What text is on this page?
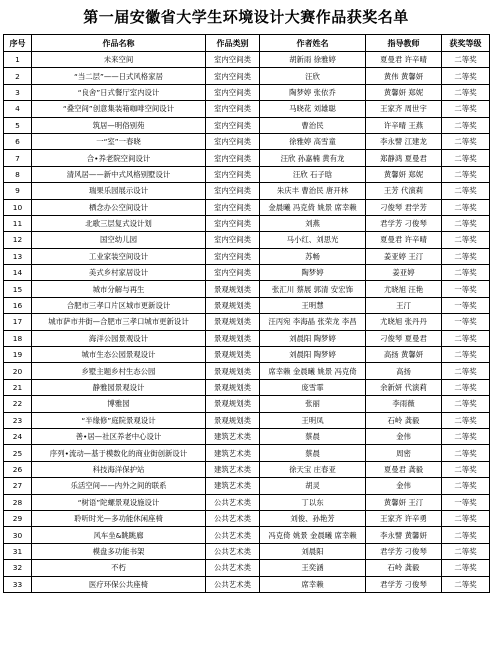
第一届安徽省大学生环境设计大赛作品获奖名单
序号	作品名称	作品类别	作者姓名	指导教师	获奖等级
1	未来空间	室内空间类	胡新雨 徐雅婷	夏曼君 许辛晴	二等奖
2	“当二层”——日式风格家居	室内空间类	汪欣	黄伟 黄馨妍	二等奖
3	“良舍”日式餐厅室内设计	室内空间类	陶梦婷 张依乔	黄馨妍 郑妮	二等奖
4	“叠空间”创意集装箱咖啡空间设计	室内空间类	马晓花 刘雄聪	王家齐 周世宇	二等奖
5	筑居—明俗别苑	室内空间类	曹治民	许辛晴 王燕	二等奖
6	一“室”一春晓	室内空间类	徐雅婷 高雪童	李永譬 江建龙	二等奖
7	合•养老院空间设计	室内空间类	汪欣 孙嘉楠 黄有龙	郑静鸿 夏曼君	二等奖
8	清风居——新中式风格别墅设计	室内空间类	汪欣 石子晗	黄馨妍 郑妮	二等奖
9	瑞果乐园展示设计	室内空间类	朱庆丰 曹治民 唐开林	王芳 代演莉	二等奖
10	栖念办公空间设计	室内空间类	金晨曦 冯克倚 姚景 席幸赖	刁俊琴 君学芳	二等奖
11	北歌三层复式设计划	室内空间类	刘燕	君学芳 刁俊琴	二等奖
12	国空幼儿园	室内空间类	马小红、刘思光	夏曼君 许辛晴	二等奖
13	工业家装空间设计	室内空间类	苏畅	姜亚婷 王汀	二等奖
14	美式乡村家居设计	室内空间类	陶梦婷	姜亚婷	二等奖
15	城市分解与再生	景观规划类	张汇川 蔡展 郭清 安宏饰	尤晓旭 汪艳	一等奖
16	合肥市三孝口片区城市更新设计	景观规划类	王明慧	王汀	一等奖
17	城市萨市井街—合肥市三孝口城市更新设计	景观规划类	汪丙宛 李海晶 张荣龙 李昌	尤晓旭 张丹丹	一等奖
18	海洋公园景观设计	景观规划类	刘晨阳 陶梦婷	刁俊琴 夏曼君	二等奖
19	城市生态公园景观设计	景观规划类	刘晨阳 陶梦婷	高扬 黄馨妍	二等奖
20	乡墅主题乡村生态公园	景观规划类	席幸赖 金晨曦 姚景 冯克倚	高扬	二等奖
21	静雅园景观设计	景观规划类	庞雪霏	余新妍 代演莉	二等奖
22	博雅园	景观规划类	张丽	李雨薇	二等奖
23	“半缘修”庭院景观设计	景观规划类	王明凤	石岭 龚毅	二等奖
24	善•居—社区养老中心设计	建筑艺术类	蔡晨	金伟	二等奖
25	序列•流动—基于模数化的商业街创新设计	建筑艺术类	蔡晨	周密	二等奖
26	科技海洋保护站	建筑艺术类	徐天宝 庄春亚	夏曼君 龚毅	二等奖
27	乐活空间——内外之间的联系	建筑艺术类	胡灵	金伟	二等奖
28	“树语”陀螺景观设施设计	公共艺术类	丁以东	黄馨妍 王汀	一等奖
29	聆听时光—多功能休闲座椅	公共艺术类	刘俊、孙艳芳	王家齐 许辛勇	二等奖
30	风车坐&眺眺廊	公共艺术类	冯克倚 姚景 金晨曦 席幸赖	李永譬 黄馨妍	二等奖
31	模盘多功能书架	公共艺术类	刘晨阳	君学芳 刁俊琴	二等奖
32	不朽	公共艺术类	王奕涵	石岭 龚毅	二等奖
33	医疗环保公共座椅	公共艺术类	席幸赖	君学芳 刁俊琴	二等奖
